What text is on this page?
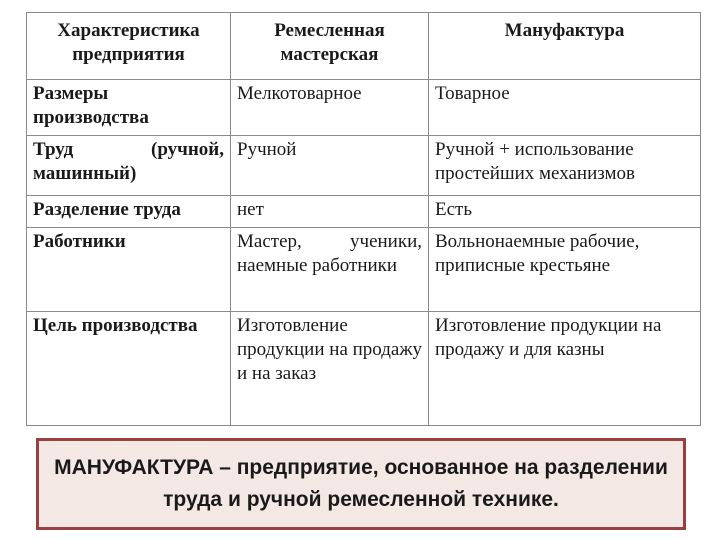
Характеристика предприятия	Ремесленная мастерская	Мануфактура
Размеры производства	Мелкотоварное	Товарное
Труд (ручной, машинный)	Ручной	Ручной + использование простейших механизмов
Разделение труда	нет	Есть
Работники	Мастер, ученики, наемные работники	Вольнонаемные рабочие, приписные крестьяне
Цель производства	Изготовление продукции на продажу и на заказ	Изготовление продукции на продажу и для казны
МАНУФАКТУРА – предприятие, основанное на разделении труда и ручной ремесленной технике.
